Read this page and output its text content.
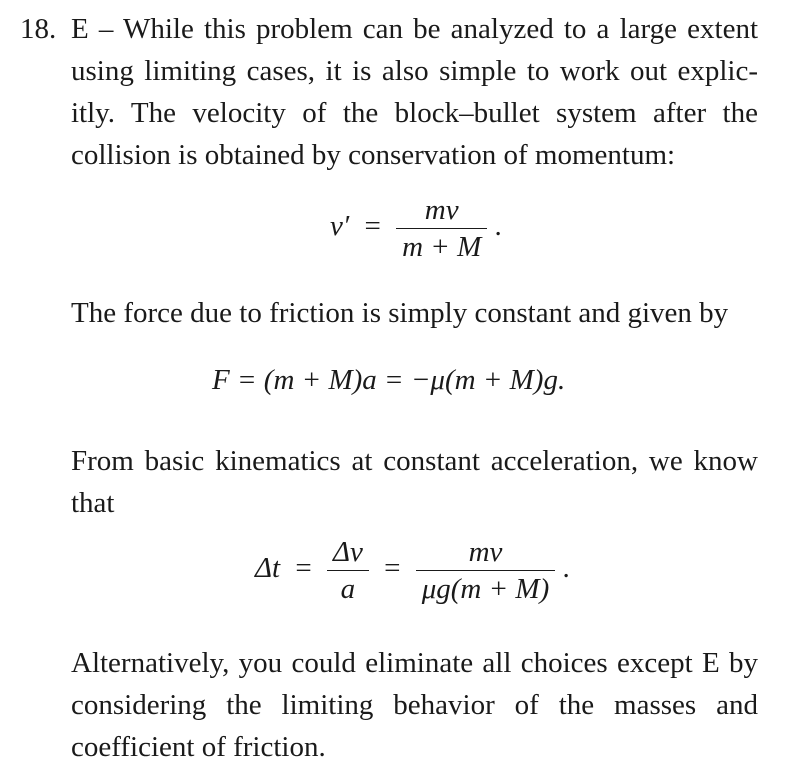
18. E – While this problem can be analyzed to a large extent using limiting cases, it is also simple to work out explic-itly. The velocity of the block–bullet system after the collision is obtained by conservation of momentum:

$v' = \frac{mv}{m + M}$ .

The force due to friction is simply constant and given by

F = (m + M)a = −μ(m + M)g.

From basic kinematics at constant acceleration, we know that

$\Delta t = \frac{\Delta v}{a} = \frac{mv}{\mu g(m + M)}$ .

Alternatively, you could eliminate all choices except E by considering the limiting behavior of the masses and coefficient of friction.
